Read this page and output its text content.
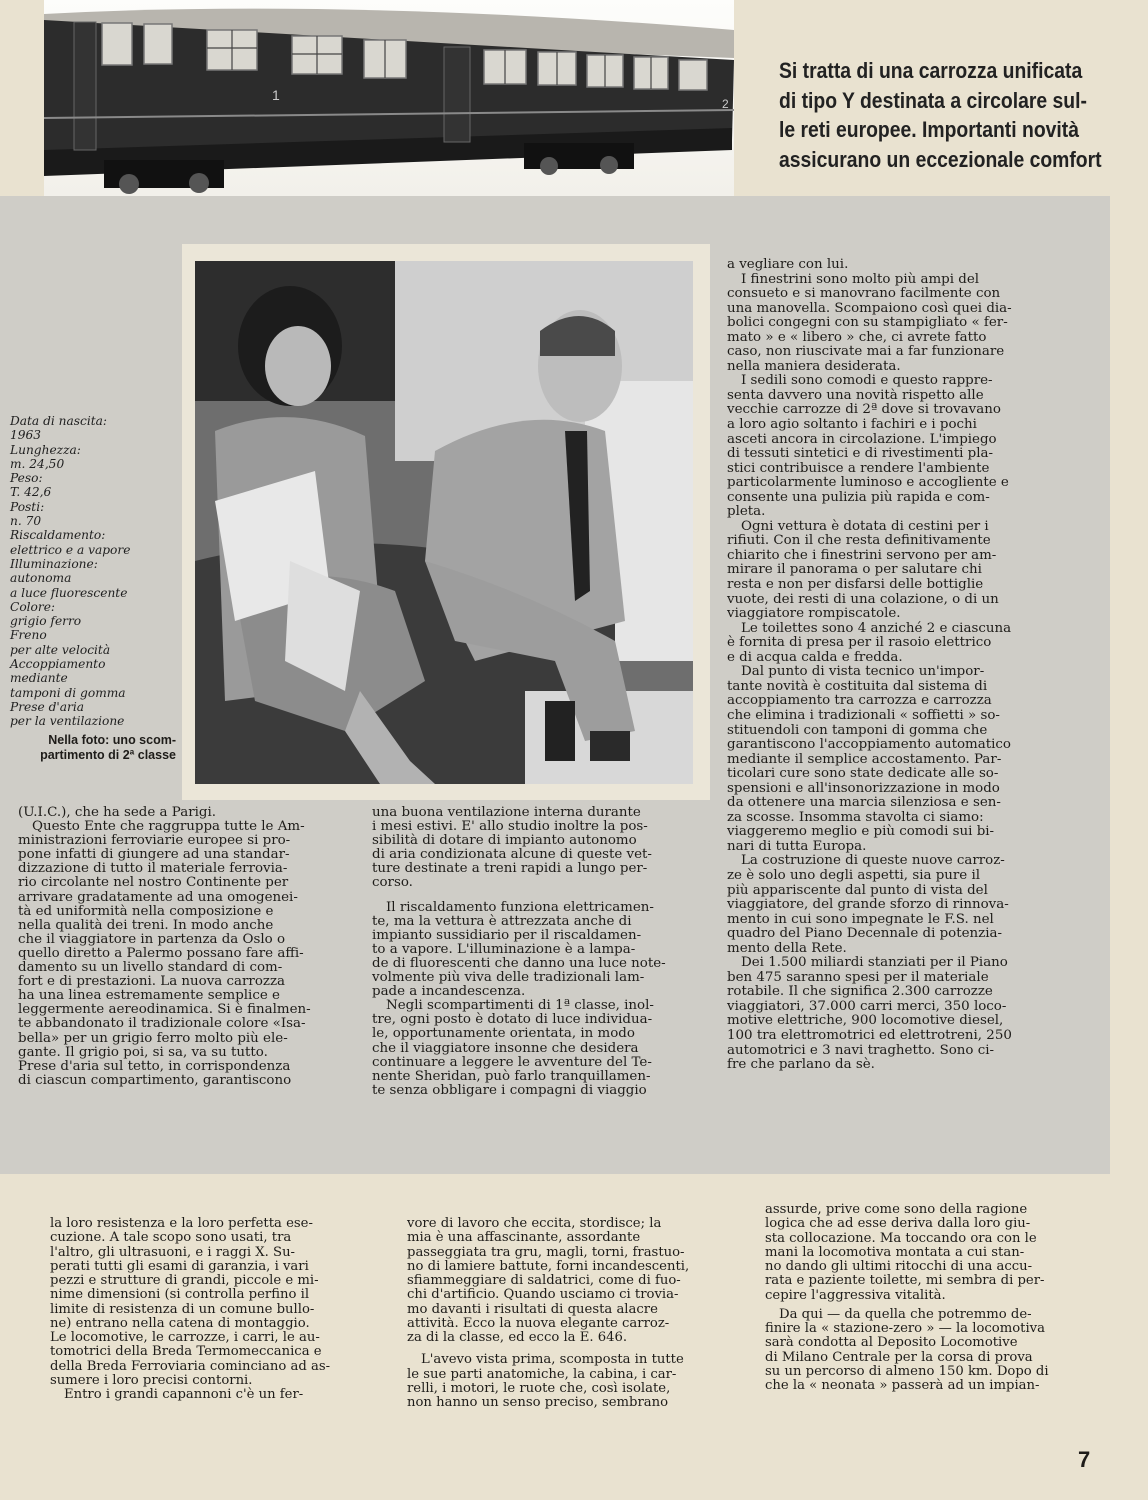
1
2
Si tratta di una carrozza unificata
di tipo Y destinata a circolare sul-
le reti europee. Importanti novità
assicurano un eccezionale comfort
Data di nascita:
1963
Lunghezza:
m. 24,50
Peso:
T. 42,6
Posti:
n. 70
Riscaldamento:
elettrico e a vapore
Illuminazione:
autonoma
a luce fluorescente
Colore:
grigio ferro
Freno
per alte velocità
Accoppiamento
mediante
tamponi di gomma
Prese d'aria
per la ventilazione
Nella foto: uno scom-
partimento di 2ª classe
a vegliare con lui.
I finestrini sono molto più ampi del
consueto e si manovrano facilmente con
una manovella. Scompaiono così quei dia-
bolici congegni con su stampigliato « fer-
mato » e « libero » che, ci avrete fatto
caso, non riuscivate mai a far funzionare
nella maniera desiderata.
I sedili sono comodi e questo rappre-
senta davvero una novità rispetto alle
vecchie carrozze di 2ª dove si trovavano
a loro agio soltanto i fachiri e i pochi
asceti ancora in circolazione. L'impiego
di tessuti sintetici e di rivestimenti pla-
stici contribuisce a rendere l'ambiente
particolarmente luminoso e accogliente e
consente una pulizia più rapida e com-
pleta.
Ogni vettura è dotata di cestini per i
rifiuti. Con il che resta definitivamente
chiarito che i finestrini servono per am-
mirare il panorama o per salutare chi
resta e non per disfarsi delle bottiglie
vuote, dei resti di una colazione, o di un
viaggiatore rompiscatole.
Le toilettes sono 4 anziché 2 e ciascuna
è fornita di presa per il rasoio elettrico
e di acqua calda e fredda.
Dal punto di vista tecnico un'impor-
tante novità è costituita dal sistema di
accoppiamento tra carrozza e carrozza
che elimina i tradizionali « soffietti » so-
stituendoli con tamponi di gomma che
garantiscono l'accoppiamento automatico
mediante il semplice accostamento. Par-
ticolari cure sono state dedicate alle so-
spensioni e all'insonorizzazione in modo
da ottenere una marcia silenziosa e sen-
za scosse. Insomma stavolta ci siamo:
viaggeremo meglio e più comodi sui bi-
nari di tutta Europa.
La costruzione di queste nuove carroz-
ze è solo uno degli aspetti, sia pure il
più appariscente dal punto di vista del
viaggiatore, del grande sforzo di rinnova-
mento in cui sono impegnate le F.S. nel
quadro del Piano Decennale di potenzia-
mento della Rete.
Dei 1.500 miliardi stanziati per il Piano
ben 475 saranno spesi per il materiale
rotabile. Il che significa 2.300 carrozze
viaggiatori, 37.000 carri merci, 350 loco-
motive elettriche, 900 locomotive diesel,
100 tra elettromotrici ed elettrotreni, 250
automotrici e 3 navi traghetto. Sono ci-
fre che parlano da sè.
(U.I.C.), che ha sede a Parigi.
Questo Ente che raggruppa tutte le Am-
ministrazioni ferroviarie europee si pro-
pone infatti di giungere ad una standar-
dizzazione di tutto il materiale ferrovia-
rio circolante nel nostro Continente per
arrivare gradatamente ad una omogenei-
tà ed uniformità nella composizione e
nella qualità dei treni. In modo anche
che il viaggiatore in partenza da Oslo o
quello diretto a Palermo possano fare affi-
damento su un livello standard di com-
fort e di prestazioni. La nuova carrozza
ha una linea estremamente semplice e
leggermente aereodinamica. Si è finalmen-
te abbandonato il tradizionale colore «Isa-
bella» per un grigio ferro molto più ele-
gante. Il grigio poi, si sa, va su tutto.
Prese d'aria sul tetto, in corrispondenza
di ciascun compartimento, garantiscono
una buona ventilazione interna durante
i mesi estivi. E' allo studio inoltre la pos-
sibilità di dotare di impianto autonomo
di aria condizionata alcune di queste vet-
ture destinate a treni rapidi a lungo per-
corso.
Il riscaldamento funziona elettricamen-
te, ma la vettura è attrezzata anche di
impianto sussidiario per il riscaldamen-
to a vapore. L'illuminazione è a lampa-
de di fluorescenti che danno una luce note-
volmente più viva delle tradizionali lam-
pade a incandescenza.
Negli scompartimenti di 1ª classe, inol-
tre, ogni posto è dotato di luce individua-
le, opportunamente orientata, in modo
che il viaggiatore insonne che desidera
continuare a leggere le avventure del Te-
nente Sheridan, può farlo tranquillamen-
te senza obbligare i compagni di viaggio
la loro resistenza e la loro perfetta ese-
cuzione. A tale scopo sono usati, tra
l'altro, gli ultrasuoni, e i raggi X. Su-
perati tutti gli esami di garanzia, i vari
pezzi e strutture di grandi, piccole e mi-
nime dimensioni (si controlla perfino il
limite di resistenza di un comune bullo-
ne) entrano nella catena di montaggio.
Le locomotive, le carrozze, i carri, le au-
tomotrici della Breda Termomeccanica e
della Breda Ferroviaria cominciano ad as-
sumere i loro precisi contorni.
Entro i grandi capannoni c'è un fer-
vore di lavoro che eccita, stordisce; la
mia è una affascinante, assordante
passeggiata tra gru, magli, torni, frastuo-
no di lamiere battute, forni incandescenti,
sfiammeggiare di saldatrici, come di fuo-
chi d'artificio. Quando usciamo ci trovia-
mo davanti i risultati di questa alacre
attività. Ecco la nuova elegante carroz-
za di la classe, ed ecco la E. 646.
L'avevo vista prima, scomposta in tutte
le sue parti anatomiche, la cabina, i car-
relli, i motori, le ruote che, così isolate,
non hanno un senso preciso, sembrano
assurde, prive come sono della ragione
logica che ad esse deriva dalla loro giu-
sta collocazione. Ma toccando ora con le
mani la locomotiva montata a cui stan-
no dando gli ultimi ritocchi di una accu-
rata e paziente toilette, mi sembra di per-
cepire l'aggressiva vitalità.
Da qui — da quella che potremmo de-
finire la « stazione-zero » — la locomotiva
sarà condotta al Deposito Locomotive
di Milano Centrale per la corsa di prova
su un percorso di almeno 150 km. Dopo di
che la « neonata » passerà ad un impian-
7
